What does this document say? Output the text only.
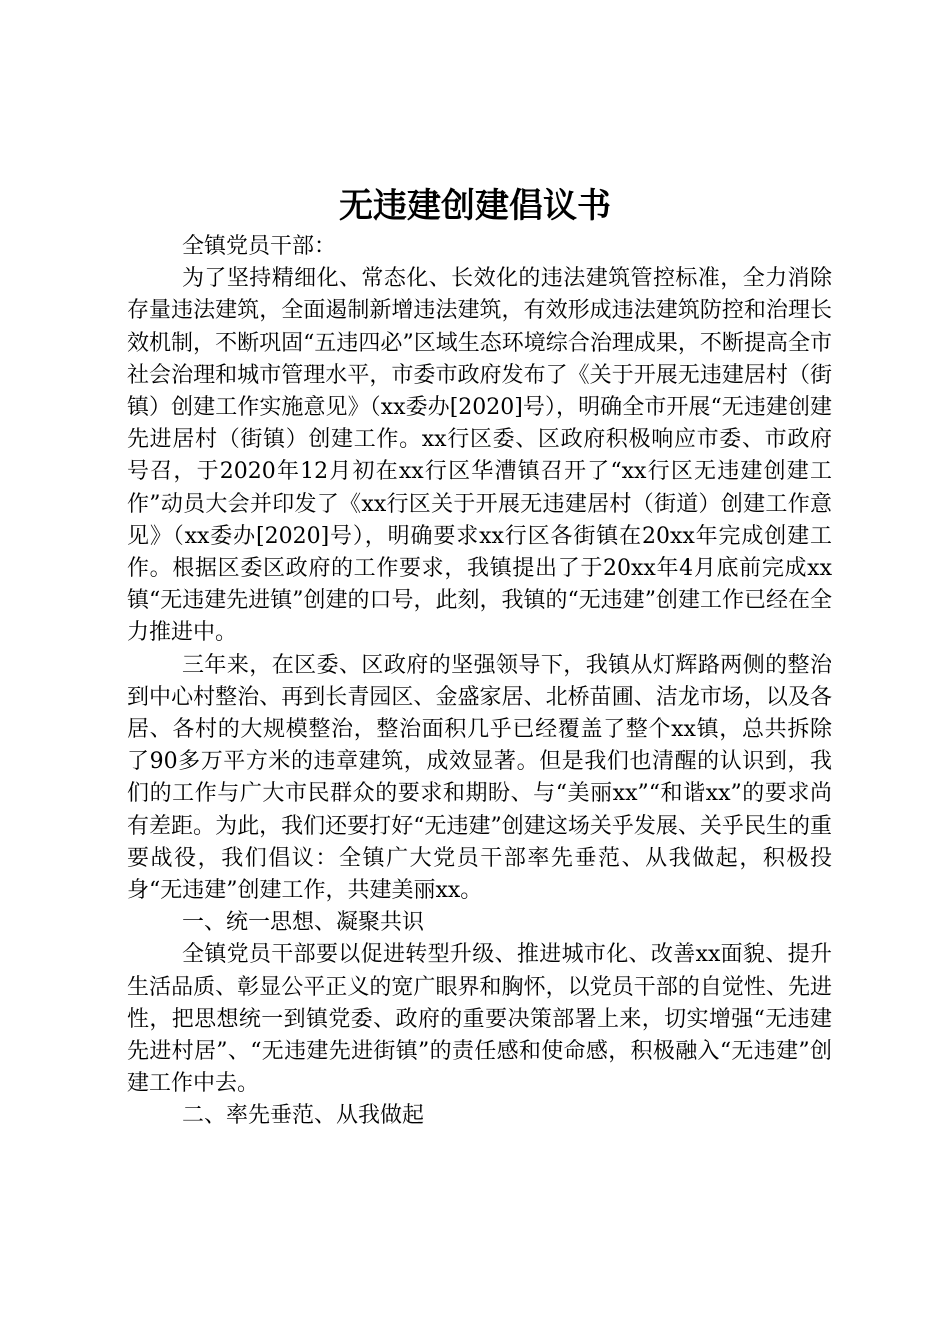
无违建创建倡议书

全镇党员干部：

为了坚持精细化、常态化、长效化的违法建筑管控标准，全力消除存量违法建筑，全面遏制新增违法建筑，有效形成违法建筑防控和治理长效机制，不断巩固“五违四必”区域生态环境综合治理成果，不断提高全市社会治理和城市管理水平，市委市政府发布了《关于开展无违建居村（街镇）创建工作实施意见》（xx委办[2020]号），明确全市开展“无违建创建先进居村（街镇）创建工作。xx行区委、区政府积极响应市委、市政府号召，于2020年12月初在xx行区华漕镇召开了“xx行区无违建创建工作”动员大会并印发了《xx行区关于开展无违建居村（街道）创建工作意见》（xx委办[2020]号），明确要求xx行区各街镇在20xx年完成创建工作。根据区委区政府的工作要求，我镇提出了于20xx年4月底前完成xx镇“无违建先进镇”创建的口号，此刻，我镇的“无违建”创建工作已经在全力推进中。

三年来，在区委、区政府的坚强领导下，我镇从灯辉路两侧的整治到中心村整治、再到长青园区、金盛家居、北桥苗圃、洁龙市场，以及各居、各村的大规模整治，整治面积几乎已经覆盖了整个xx镇，总共拆除了90多万平方米的违章建筑，成效显著。但是我们也清醒的认识到，我们的工作与广大市民群众的要求和期盼、与“美丽xx”“和谐xx”的要求尚有差距。为此，我们还要打好“无违建”创建这场关乎发展、关乎民生的重要战役，我们倡议：全镇广大党员干部率先垂范、从我做起，积极投身“无违建”创建工作，共建美丽xx。

一、统一思想、凝聚共识

全镇党员干部要以促进转型升级、推进城市化、改善xx面貌、提升生活品质、彰显公平正义的宽广眼界和胸怀，以党员干部的自觉性、先进性，把思想统一到镇党委、政府的重要决策部署上来，切实增强“无违建先进村居”、“无违建先进街镇”的责任感和使命感，积极融入“无违建”创建工作中去。

二、率先垂范、从我做起
